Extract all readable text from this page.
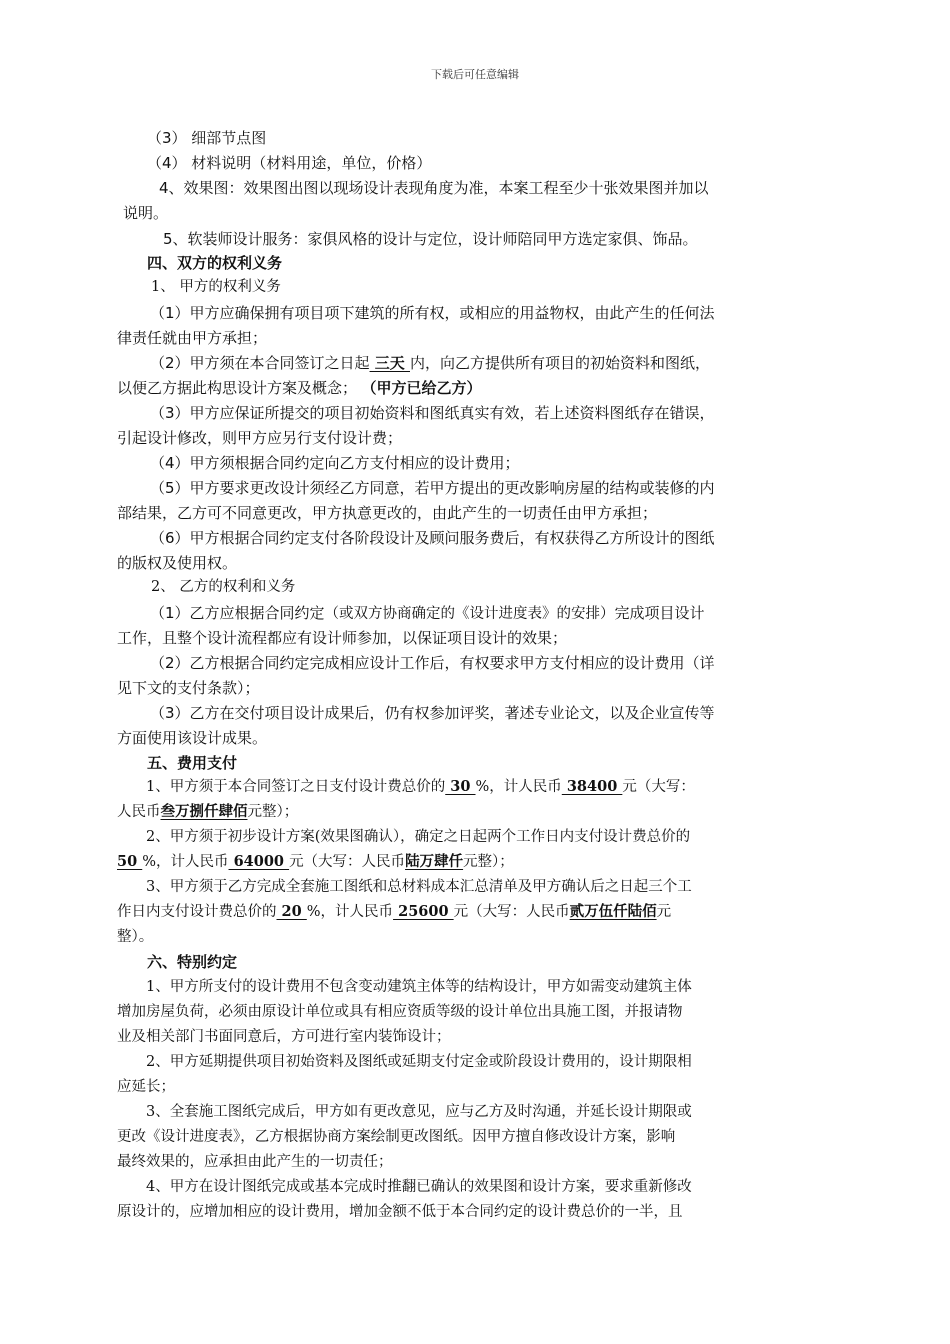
下载后可任意编辑
（3） 细部节点图
（4） 材料说明（材料用途，单位，价格）
4、效果图：效果图出图以现场设计表现角度为准，本案工程至少十张效果图并加以
说明。
5、软装师设计服务：家俱风格的设计与定位，设计师陪同甲方选定家俱、饰品。
四、双方的权利义务
1、 甲方的权利义务
（1）甲方应确保拥有项目项下建筑的所有权，或相应的用益物权，由此产生的任何法
律责任就由甲方承担；
（2）甲方须在本合同签订之日起 三天 内，向乙方提供所有项目的初始资料和图纸，
以便乙方据此构思设计方案及概念； （甲方已给乙方）
（3）甲方应保证所提交的项目初始资料和图纸真实有效，若上述资料图纸存在错误，
引起设计修改，则甲方应另行支付设计费；
（4）甲方须根据合同约定向乙方支付相应的设计费用；
（5）甲方要求更改设计须经乙方同意，若甲方提出的更改影响房屋的结构或装修的内
部结果，乙方可不同意更改，甲方执意更改的，由此产生的一切责任由甲方承担；
（6）甲方根据合同约定支付各阶段设计及顾问服务费后，有权获得乙方所设计的图纸
的版权及使用权。
2、 乙方的权利和义务
（1）乙方应根据合同约定（或双方协商确定的《设计进度表》的安排）完成项目设计
工作，且整个设计流程都应有设计师参加，以保证项目设计的效果；
（2）乙方根据合同约定完成相应设计工作后，有权要求甲方支付相应的设计费用（详
见下文的支付条款）；
（3）乙方在交付项目设计成果后，仍有权参加评奖，著述专业论文，以及企业宣传等
方面使用该设计成果。
五、费用支付
1、甲方须于本合同签订之日支付设计费总价的 30 %，计人民币 38400 元（大写：
人民币叁万捌仟肆佰元整）；
2、甲方须于初步设计方案(效果图确认），确定之日起两个工作日内支付设计费总价的
50 %，计人民币 64000 元（大写：人民币陆万肆仟元整）；
3、甲方须于乙方完成全套施工图纸和总材料成本汇总清单及甲方确认后之日起三个工
作日内支付设计费总价的 20 %，计人民币 25600 元（大写：人民币贰万伍仟陆佰元
整）。
六、特别约定
1、甲方所支付的设计费用不包含变动建筑主体等的结构设计，甲方如需变动建筑主体
增加房屋负荷，必须由原设计单位或具有相应资质等级的设计单位出具施工图，并报请物
业及相关部门书面同意后，方可进行室内装饰设计；
2、甲方延期提供项目初始资料及图纸或延期支付定金或阶段设计费用的，设计期限相
应延长；
3、全套施工图纸完成后，甲方如有更改意见，应与乙方及时沟通，并延长设计期限或
更改《设计进度表》，乙方根据协商方案绘制更改图纸。因甲方擅自修改设计方案，影响
最终效果的，应承担由此产生的一切责任；
4、甲方在设计图纸完成或基本完成时推翻已确认的效果图和设计方案，要求重新修改
原设计的，应增加相应的设计费用，增加金额不低于本合同约定的设计费总价的一半，且
